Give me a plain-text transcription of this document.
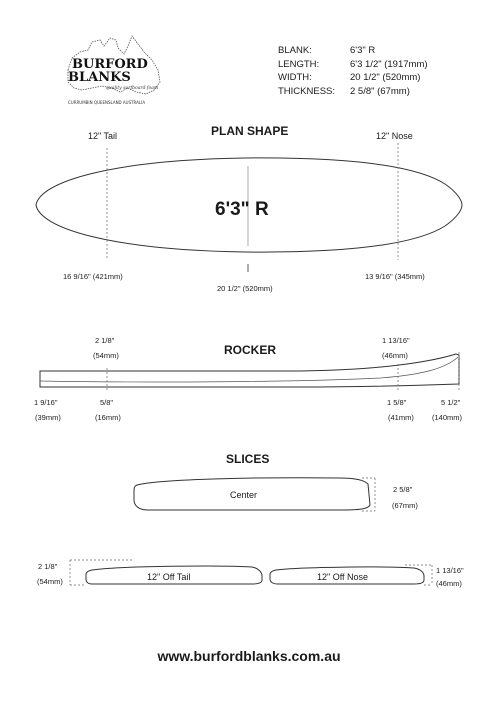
BURFORD
BLANKS
quality surfboard foam
CURRUMBIN QUEENSLAND AUSTRALIA
BLANK:	6'3" R
LENGTH:	6'3 1/2" (1917mm)
WIDTH:	20 1/2" (520mm)
THICKNESS:	2 5/8" (67mm)
PLAN SHAPE
12" Tail	12" Nose
6'3" R
16 9/16" (421mm)
20 1/2" (520mm)
13 9/16" (345mm)
ROCKER
2 1/8"
(54mm)
1 13/16"
(46mm)
1 9/16"
(39mm)
5/8"
(16mm)
1 5/8"
(41mm)
5 1/2"
(140mm)
SLICES
Center
2 5/8"
(67mm)
12" Off Tail
2 1/8"
(54mm)	12" Off Nose
1 13/16"
(46mm)
www.burfordblanks.com.au
